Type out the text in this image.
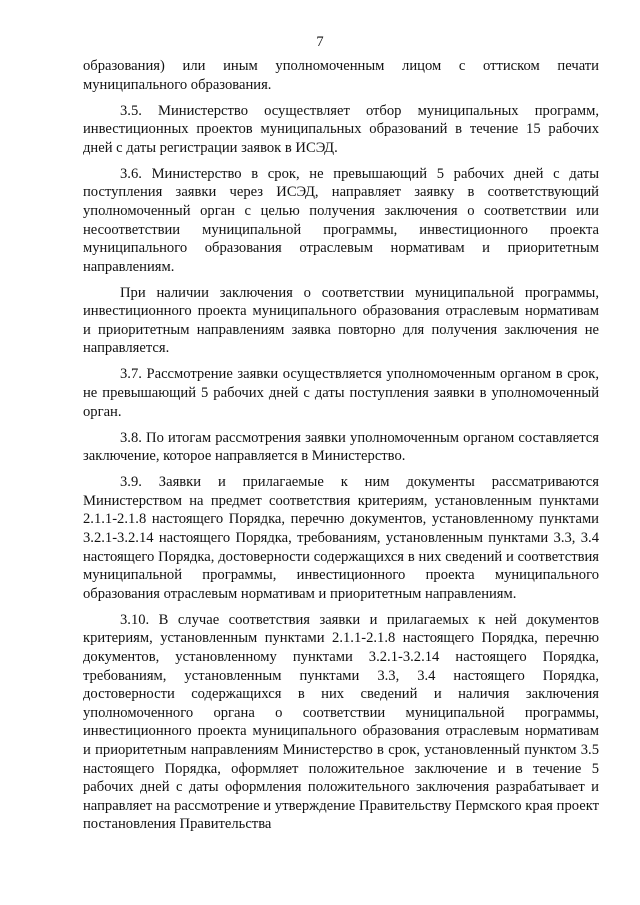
7

образования) или иным уполномоченным лицом с оттиском печати муниципального образования.

3.5. Министерство осуществляет отбор муниципальных программ, инвестиционных проектов муниципальных образований в течение 15 рабочих дней с даты регистрации заявок в ИСЭД.

3.6. Министерство в срок, не превышающий 5 рабочих дней с даты поступления заявки через ИСЭД, направляет заявку в соответствующий уполномоченный орган с целью получения заключения о соответствии или несоответствии муниципальной программы, инвестиционного проекта муниципального образования отраслевым нормативам и приоритетным направлениям.

При наличии заключения о соответствии муниципальной программы, инвестиционного проекта муниципального образования отраслевым нормативам и приоритетным направлениям заявка повторно для получения заключения не направляется.

3.7. Рассмотрение заявки осуществляется уполномоченным органом в срок, не превышающий 5 рабочих дней с даты поступления заявки в уполномоченный орган.

3.8. По итогам рассмотрения заявки уполномоченным органом составляется заключение, которое направляется в Министерство.

3.9. Заявки и прилагаемые к ним документы рассматриваются Министерством на предмет соответствия критериям, установленным пунктами 2.1.1-2.1.8 настоящего Порядка, перечню документов, установленному пунктами 3.2.1-3.2.14 настоящего Порядка, требованиям, установленным пунктами 3.3, 3.4 настоящего Порядка, достоверности содержащихся в них сведений и соответствия муниципальной программы, инвестиционного проекта муниципального образования отраслевым нормативам и приоритетным направлениям.

3.10. В случае соответствия заявки и прилагаемых к ней документов критериям, установленным пунктами 2.1.1-2.1.8 настоящего Порядка, перечню документов, установленному пунктами 3.2.1-3.2.14 настоящего Порядка, требованиям, установленным пунктами 3.3, 3.4 настоящего Порядка, достоверности содержащихся в них сведений и наличия заключения уполномоченного органа о соответствии муниципальной программы, инвестиционного проекта муниципального образования отраслевым нормативам и приоритетным направлениям Министерство в срок, установленный пунктом 3.5 настоящего Порядка, оформляет положительное заключение и в течение 5 рабочих дней с даты оформления положительного заключения разрабатывает и направляет на рассмотрение и утверждение Правительству Пермского края проект постановления Правительства
